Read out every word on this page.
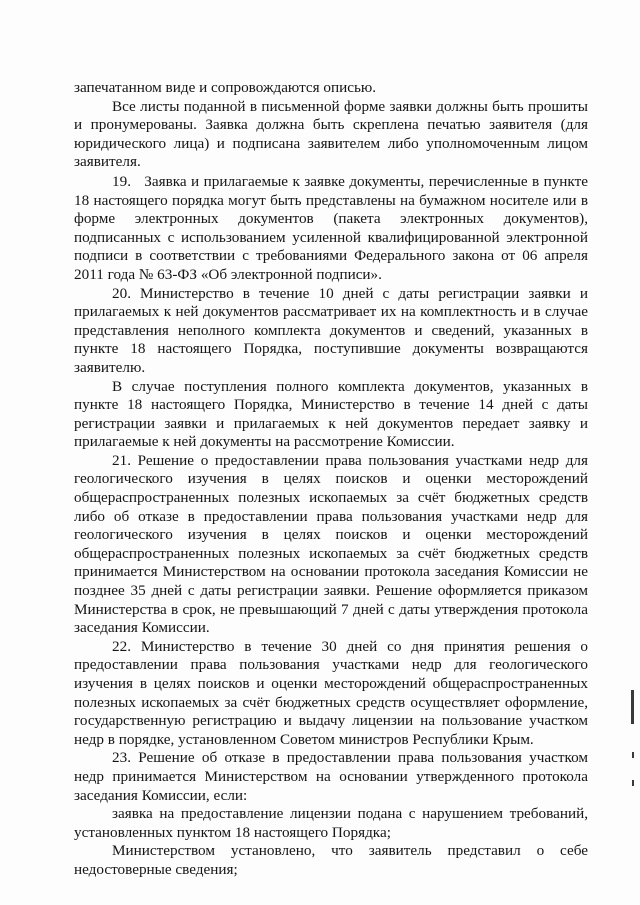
запечатанном виде и сопровождаются описью.

Все листы поданной в письменной форме заявки должны быть прошиты и пронумерованы. Заявка должна быть скреплена печатью заявителя (для юридического лица) и подписана заявителем либо уполномоченным лицом заявителя.

19.   Заявка и прилагаемые к заявке документы, перечисленные в пункте 18 настоящего порядка могут быть представлены на бумажном носителе или в форме электронных документов (пакета электронных документов), подписанных с использованием усиленной квалифицированной электронной подписи в соответствии с требованиями Федерального закона от 06 апреля 2011 года № 63-ФЗ «Об электронной подписи».

20. Министерство в течение 10 дней с даты регистрации заявки и прилагаемых к ней документов рассматривает их на комплектность и в случае представления неполного комплекта документов и сведений, указанных в пункте 18 настоящего Порядка, поступившие документы возвращаются заявителю.

В случае поступления полного комплекта документов, указанных в пункте 18 настоящего Порядка, Министерство в течение 14 дней с даты регистрации заявки и прилагаемых к ней документов передает заявку и прилагаемые к ней документы на рассмотрение Комиссии.

21. Решение о предоставлении права пользования участками недр для геологического изучения в целях поисков и оценки месторождений общераспространенных полезных ископаемых за счёт бюджетных средств либо об отказе в предоставлении права пользования участками недр для геологического изучения в целях поисков и оценки месторождений общераспространенных полезных ископаемых за счёт бюджетных средств принимается Министерством на основании протокола заседания Комиссии не позднее 35 дней с даты регистрации заявки. Решение оформляется приказом Министерства в срок, не превышающий 7 дней с даты утверждения протокола заседания Комиссии.

22. Министерство в течение 30 дней со дня принятия решения о предоставлении права пользования участками недр для геологического изучения в целях поисков и оценки месторождений общераспространенных полезных ископаемых за счёт бюджетных средств осуществляет оформление, государственную регистрацию и выдачу лицензии на пользование участком недр в порядке, установленном Советом министров Республики Крым.

23. Решение об отказе в предоставлении права пользования участком недр принимается Министерством на основании утвержденного протокола заседания Комиссии, если:

заявка на предоставление лицензии подана с нарушением требований, установленных пунктом 18 настоящего Порядка;

Министерством установлено, что заявитель представил о себе недостоверные сведения;
